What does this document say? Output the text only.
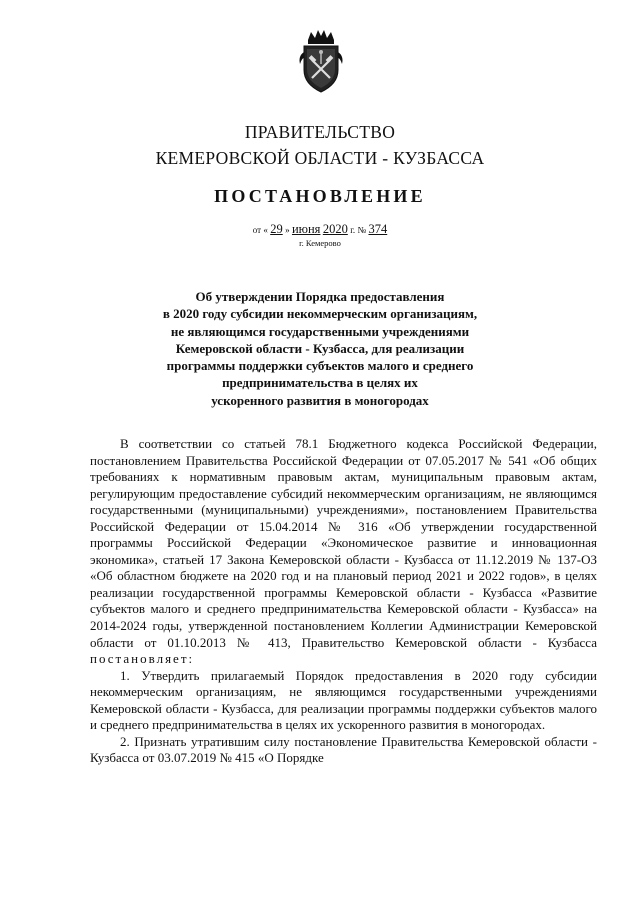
ПРАВИТЕЛЬСТВО
КЕМЕРОВСКОЙ ОБЛАСТИ - КУЗБАССА
ПОСТАНОВЛЕНИЕ
от « 29 » июня 2020 г. № 374
г. Кемерово
Об утверждении Порядка предоставления
в 2020 году субсидии некоммерческим организациям,
не являющимся государственными учреждениями
Кемеровской области - Кузбасса, для реализации
программы поддержки субъектов малого и среднего
предпринимательства в целях их
ускоренного развития в моногородах

В соответствии со статьей 78.1 Бюджетного кодекса Российской Федерации, постановлением Правительства Российской Федерации от 07.05.2017 № 541 «Об общих требованиях к нормативным правовым актам, муниципальным правовым актам, регулирующим предоставление субсидий некоммерческим организациям, не являющимся государственными (муниципальными) учреждениями», постановлением Правительства Российской Федерации от 15.04.2014 № 316 «Об утверждении государственной программы Российской Федерации «Экономическое развитие и инновационная экономика», статьей 17 Закона Кемеровской области - Кузбасса от 11.12.2019 № 137-ОЗ «Об областном бюджете на 2020 год и на плановый период 2021 и 2022 годов», в целях реализации государственной программы Кемеровской области - Кузбасса «Развитие субъектов малого и среднего предпринимательства Кемеровской области - Кузбасса» на 2014-2024 годы, утвержденной постановлением Коллегии Администрации Кемеровской области от 01.10.2013 № 413, Правительство Кемеровской области - Кузбасса постановляет:

1. Утвердить прилагаемый Порядок предоставления в 2020 году субсидии некоммерческим организациям, не являющимся государственными учреждениями Кемеровской области - Кузбасса, для реализации программы поддержки субъектов малого и среднего предпринимательства в целях их ускоренного развития в моногородах.

2. Признать утратившим силу постановление Правительства Кемеровской области - Кузбасса от 03.07.2019 № 415 «О Порядке
